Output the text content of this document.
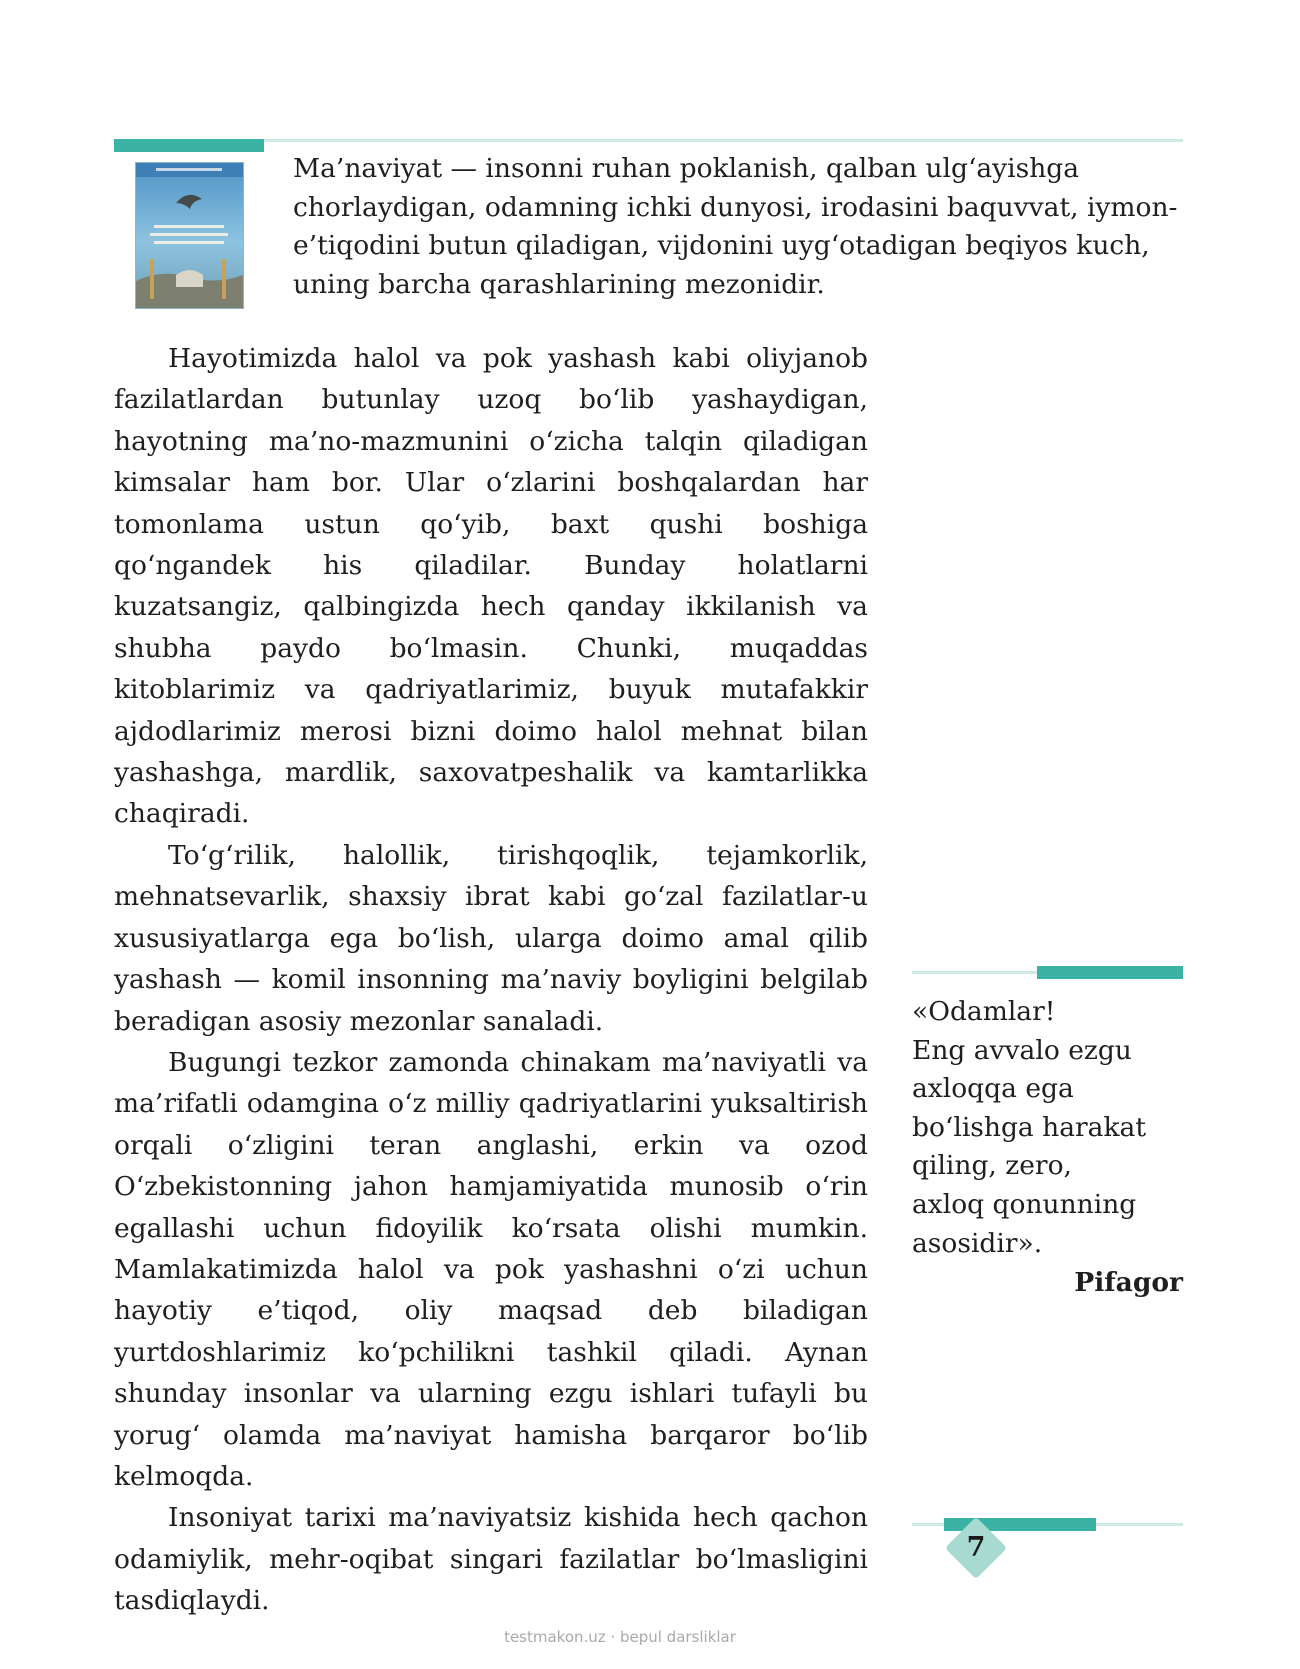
Ma’naviyat — insonni ruhan poklanish, qalban ulg‘ayishga chorlaydigan, odamning ichki dunyosi, irodasini baquvvat, iymon-e’tiqodini butun qiladigan, vijdonini uyg‘otadigan beqiyos kuch, uning barcha qarashlarining mezonidir.

Hayotimizda halol va pok yashash kabi oliyjanob fazilatlardan butunlay uzoq bo‘lib yashaydigan, hayotning ma’no-mazmunini o‘zicha talqin qiladigan kimsalar ham bor. Ular o‘zlarini boshqalardan har tomonlama ustun qo‘yib, baxt qushi boshiga qo‘ngandek his qiladilar. Bunday holatlarni kuzatsangiz, qalbingizda hech qanday ikkilanish va shubha paydo bo‘lmasin. Chunki, muqaddas kitoblarimiz va qadriyatlarimiz, buyuk mutafakkir ajdodlarimiz merosi bizni doimo halol mehnat bilan yashashga, mardlik, saxovatpeshalik va kamtarlikka chaqiradi.

To‘g‘rilik, halollik, tirishqoqlik, tejamkorlik, mehnatsevarlik, shaxsiy ibrat kabi go‘zal fazilatlar-u xususiyatlarga ega bo‘lish, ularga doimo amal qilib yashash — komil insonning ma’naviy boyligini belgilab beradigan asosiy mezonlar sanaladi.

Bugungi tezkor zamonda chinakam ma’naviyatli va ma’rifatli odamgina o‘z milliy qadriyatlarini yuksaltirish orqali o‘zligini teran anglashi, erkin va ozod O‘zbekistonning jahon hamjamiyatida munosib o‘rin egallashi uchun fidoyilik ko‘rsata olishi mumkin. Mamlakatimizda halol va pok yashashni o‘zi uchun hayotiy e’tiqod, oliy maqsad deb biladigan yurtdoshlarimiz ko‘pchilikni tashkil qiladi. Aynan shunday insonlar va ularning ezgu ishlari tufayli bu yorug‘ olamda ma’naviyat hamisha barqaror bo‘lib kelmoqda.

Insoniyat tarixi ma’naviyatsiz kishida hech qachon odamiylik, mehr-oqibat singari fazilatlar bo‘lmasligini tasdiqlaydi.

«Odamlar!
Eng avvalo ezgu
axloqqa ega
bo‘lishga harakat
qiling, zero,
axloq qonunning
asosidir».

Pifagor
7
testmakon.uz · bepul darsliklar
